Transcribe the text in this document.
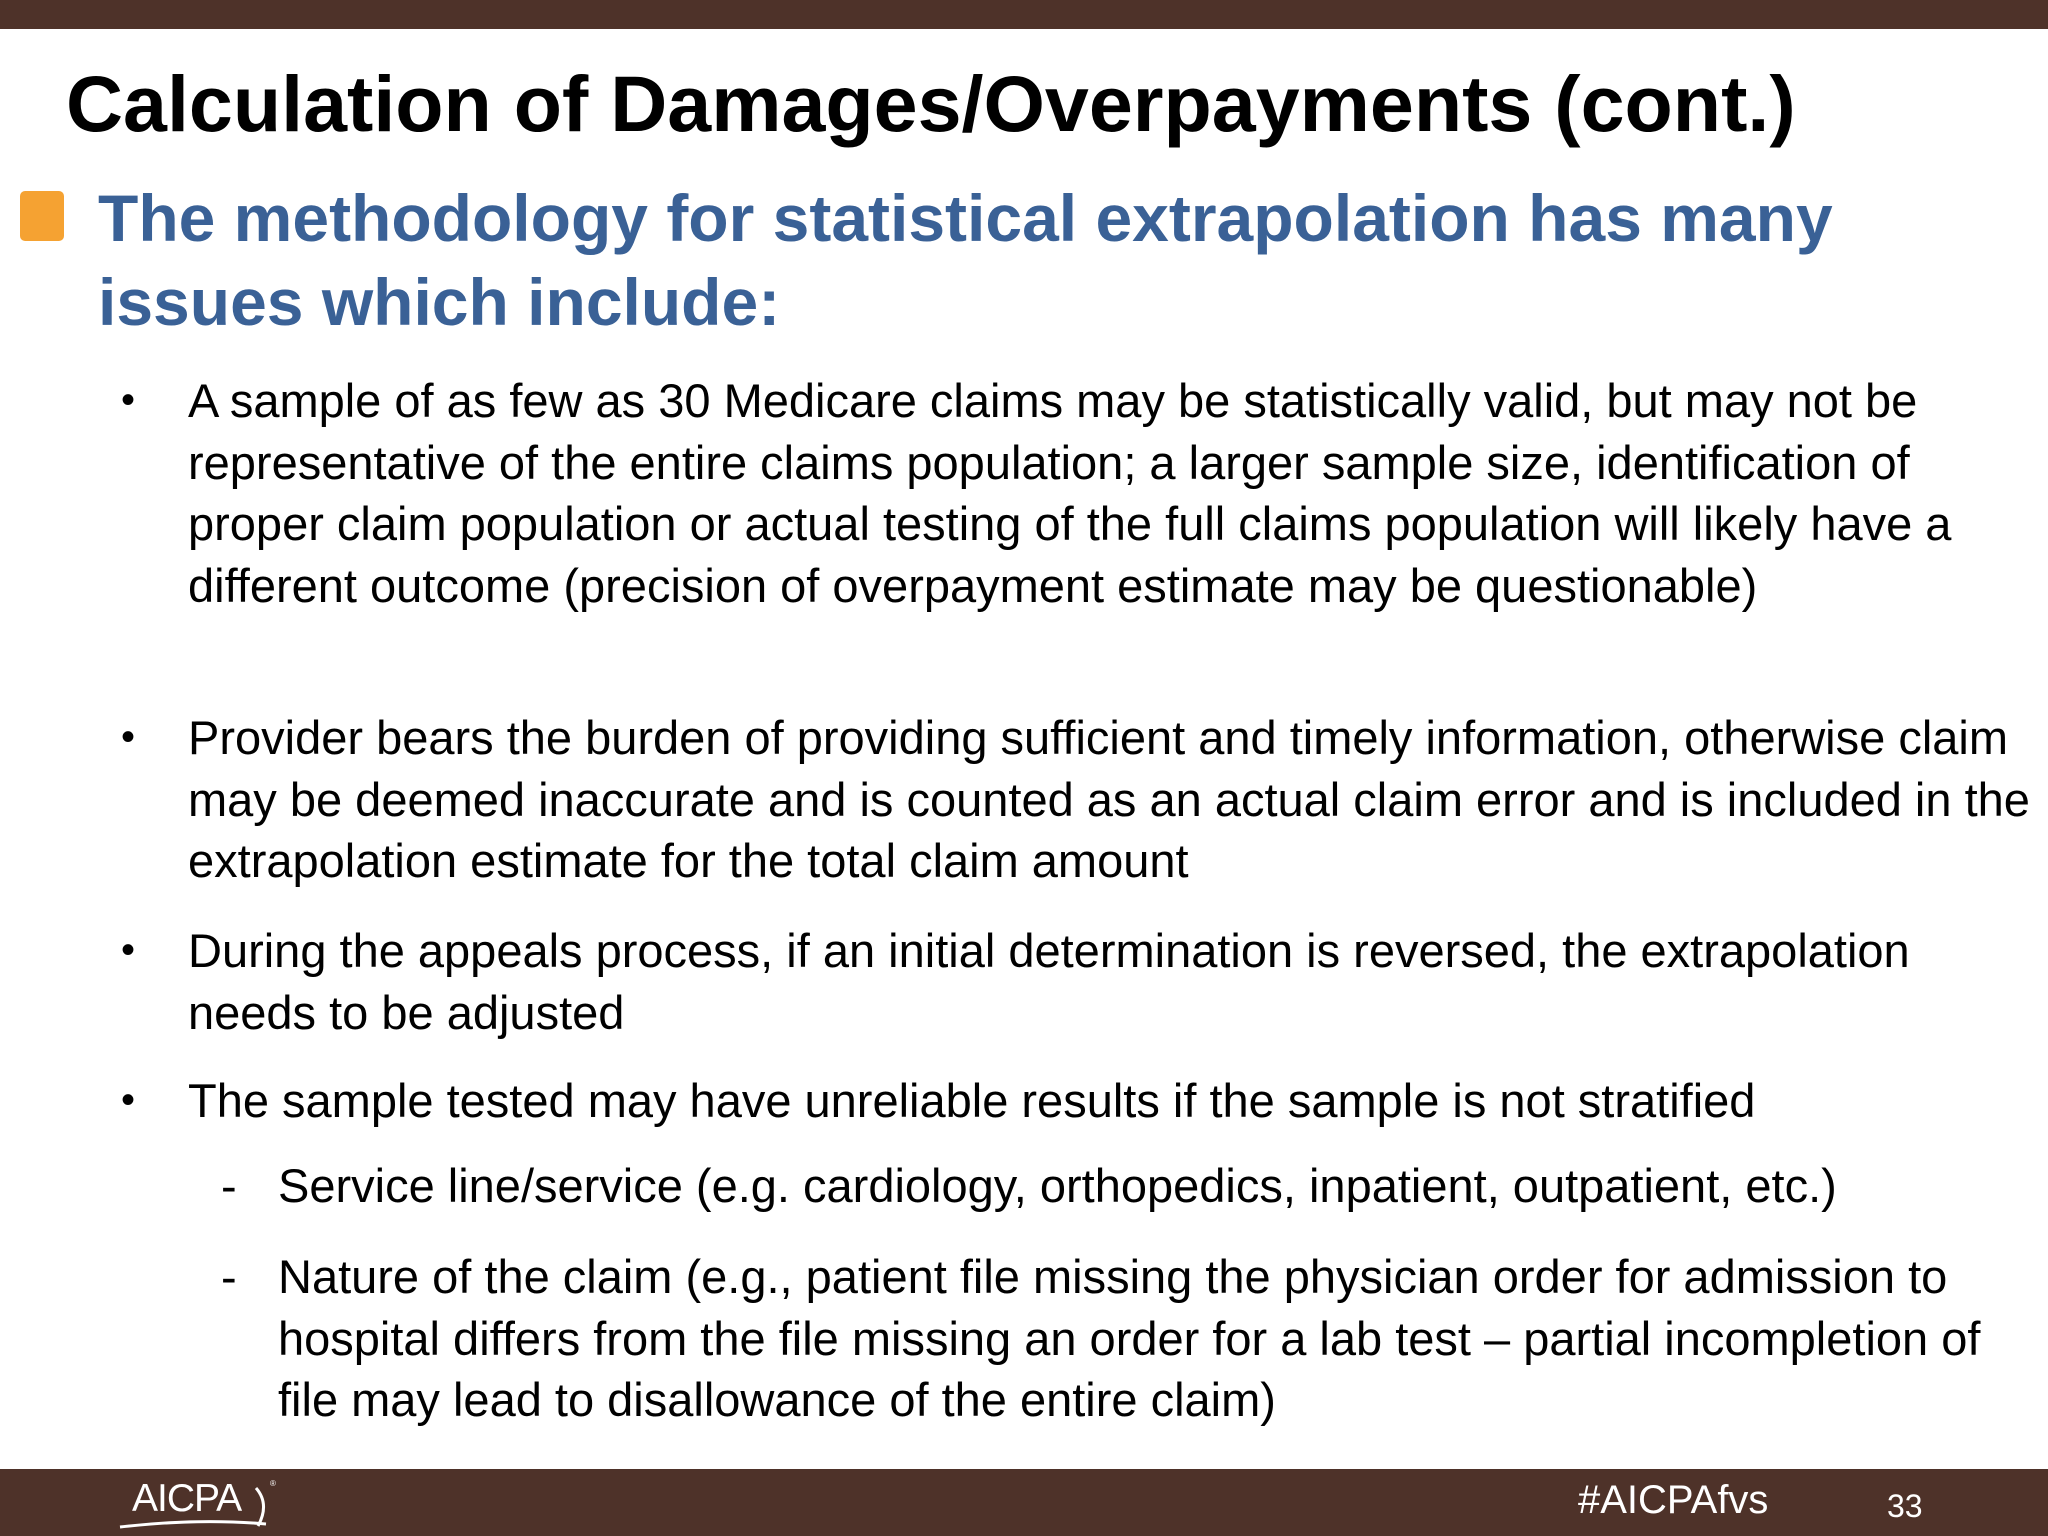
Calculation of Damages/Overpayments (cont.)
The methodology for statistical extrapolation has many issues which include:
• A sample of as few as 30 Medicare claims may be statistically valid, but may not be representative of the entire claims population; a larger sample size, identification of proper claim population or actual testing of the full claims population will likely have a different outcome (precision of overpayment estimate may be questionable)
• Provider bears the burden of providing sufficient and timely information, otherwise claim may be deemed inaccurate and is counted as an actual claim error and is included in the extrapolation estimate for the total claim amount
• During the appeals process, if an initial determination is reversed, the extrapolation needs to be adjusted
• The sample tested may have unreliable results if the sample is not stratified
- Service line/service (e.g. cardiology, orthopedics, inpatient, outpatient, etc.)
- Nature of the claim (e.g., patient file missing the physician order for admission to hospital differs from the file missing an order for a lab test – partial incompletion of file may lead to disallowance of the entire claim)
®
AICPA	#AICPAfvs	33
